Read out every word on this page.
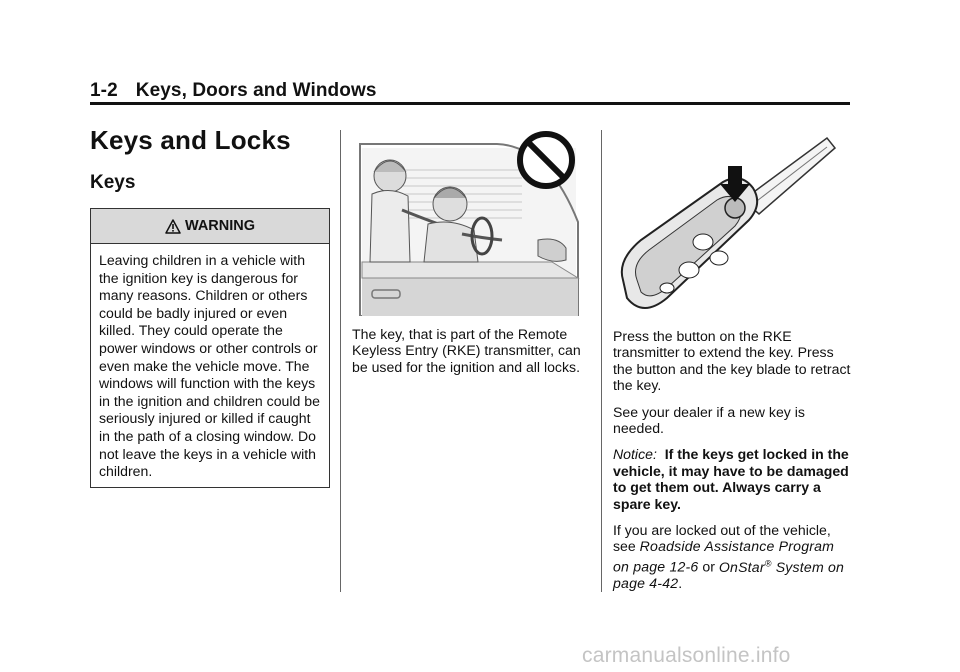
1-2 Keys, Doors and Windows
Keys and Locks
Keys
WARNING
Leaving children in a vehicle with the ignition key is dangerous for many reasons. Children or others could be badly injured or even killed. They could operate the power windows or other controls or even make the vehicle move. The windows will function with the keys in the ignition and children could be seriously injured or killed if caught in the path of a closing window. Do not leave the keys in a vehicle with children.

The key, that is part of the Remote Keyless Entry (RKE) transmitter, can be used for the ignition and all locks.

Press the button on the RKE transmitter to extend the key. Press the button and the key blade to retract the key.

See your dealer if a new key is needed.

Notice: If the keys get locked in the vehicle, it may have to be damaged to get them out. Always carry a spare key.

If you are locked out of the vehicle, see Roadside Assistance Program on page 12-6 or OnStar® System on page 4-42.

carmanualsonline.info
